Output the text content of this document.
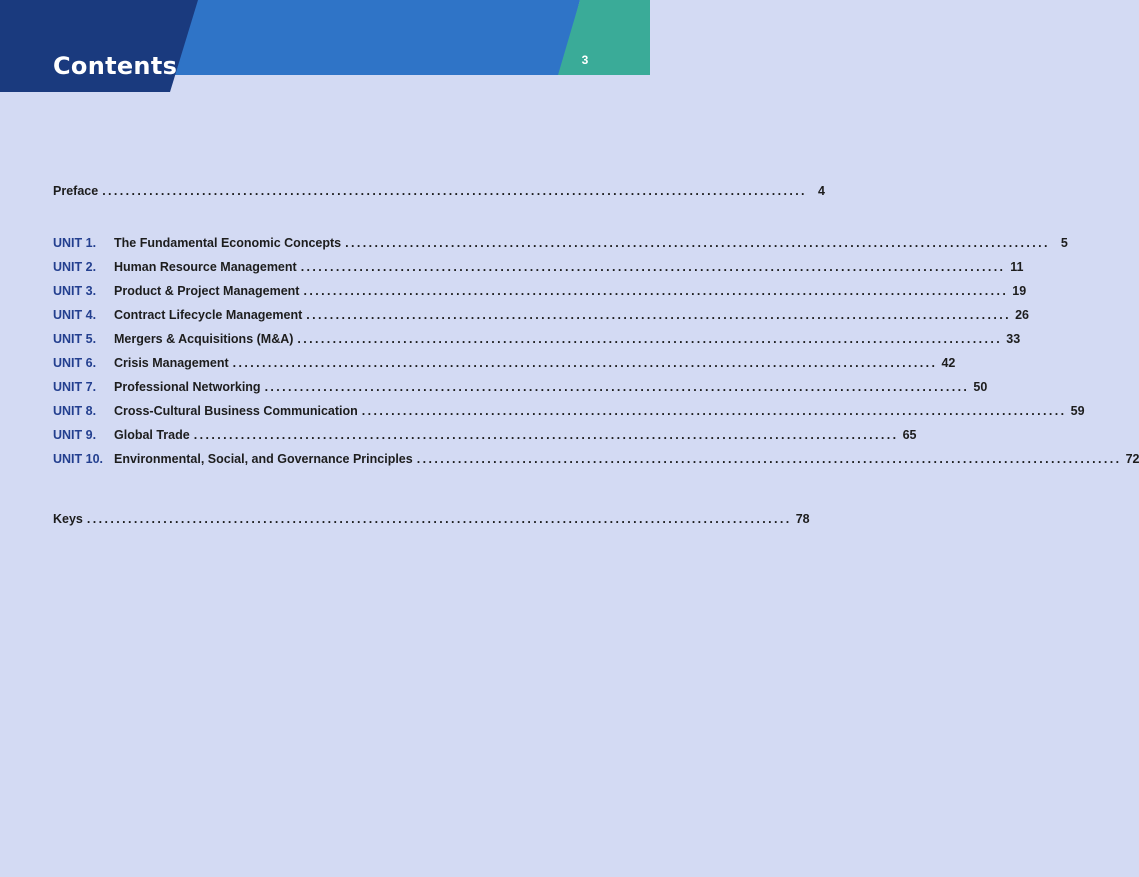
Contents	3
Preface ........................................................................................................................ 4
UNIT 1.	The Fundamental Economic Concepts ........................................................................................................................ 5
UNIT 2.	Human Resource Management ........................................................................................................................ 11
UNIT 3.	Product & Project Management ........................................................................................................................ 19
UNIT 4.	Contract Lifecycle Management ........................................................................................................................ 26
UNIT 5.	Mergers & Acquisitions (M&A) ........................................................................................................................ 33
UNIT 6.	Crisis Management ........................................................................................................................ 42
UNIT 7.	Professional Networking ........................................................................................................................ 50
UNIT 8.	Cross-Cultural Business Communication ........................................................................................................................ 59
UNIT 9.	Global Trade ........................................................................................................................ 65
UNIT 10. Environmental, Social, and Governance Principles ........................................................................................................................ 72
Keys ........................................................................................................................ 78
